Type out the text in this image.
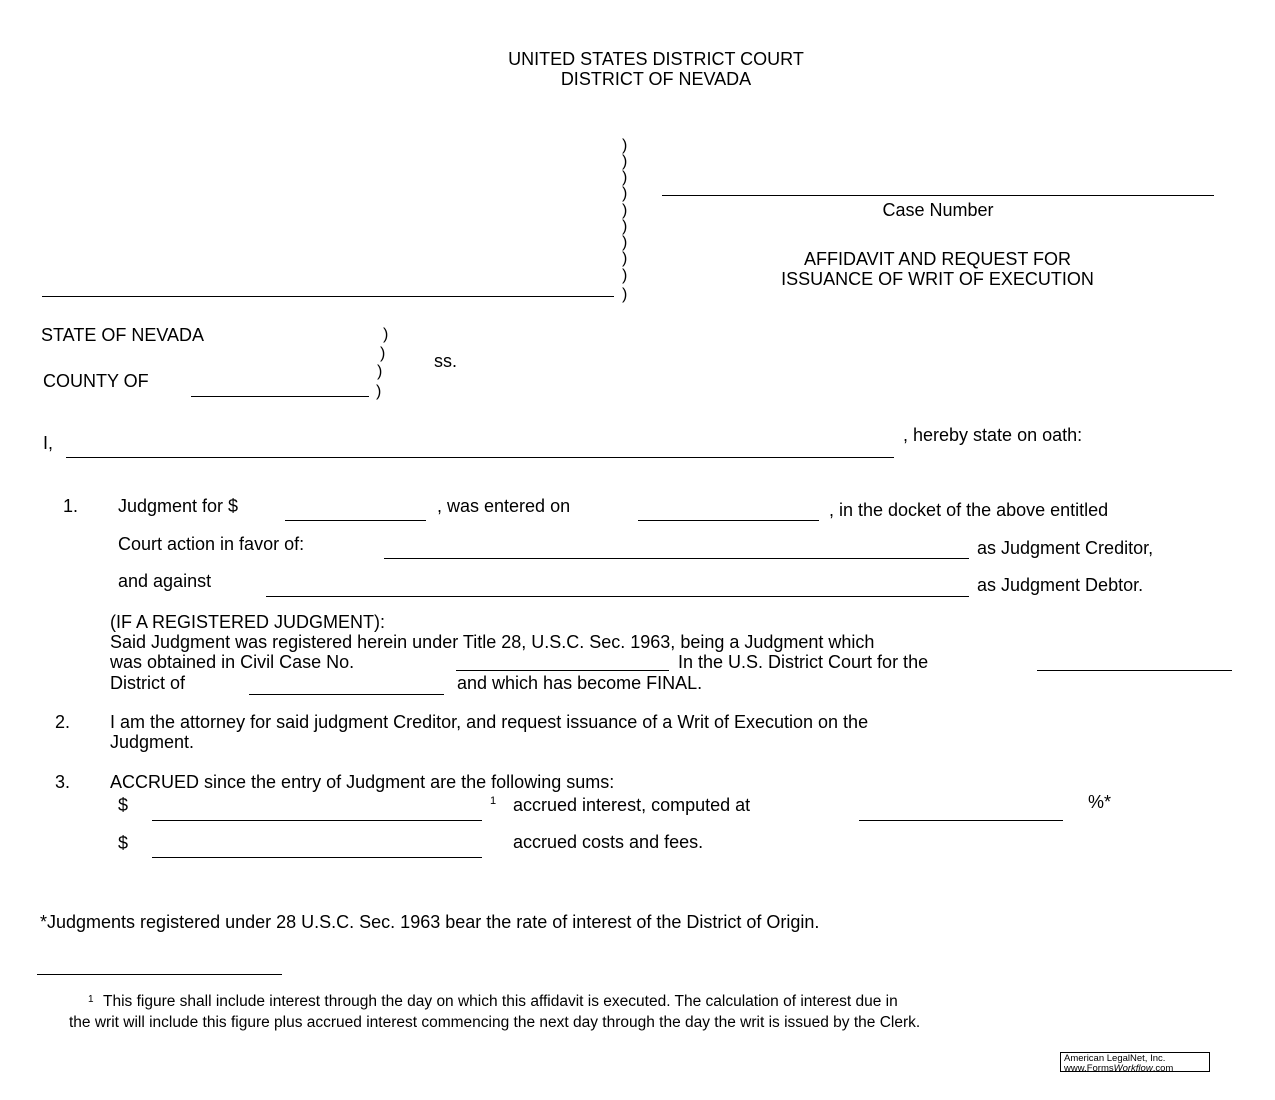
UNITED STATES DISTRICT COURT
DISTRICT OF NEVADA
)
)
)
)
)
)
)
)
)
)
Case Number
AFFIDAVIT AND REQUEST FOR
ISSUANCE OF WRIT OF EXECUTION
STATE OF NEVADA
COUNTY OF
)
)
)
)
ss.
I,	, hereby state on oath:
1. Judgment for $	, was entered on	, in the docket of the above entitled
Court action in favor of:	as Judgment Creditor,
and against	as Judgment Debtor.
(IF A REGISTERED JUDGMENT):
Said Judgment was registered herein under Title 28, U.S.C. Sec. 1963, being a Judgment which
was obtained in Civil Case No.	In the U.S. District Court for the
District of	and which has become FINAL.
2. I am the attorney for said judgment Creditor, and request issuance of a Writ of Execution on the
Judgment.
3. ACCRUED since the entry of Judgment are the following sums:
$	1 accrued interest, computed at	%*
$	accrued costs and fees.
*Judgments registered under 28 U.S.C. Sec. 1963 bear the rate of interest of the District of Origin.
1 This figure shall include interest through the day on which this affidavit is executed. The calculation of interest due in
the writ will include this figure plus accrued interest commencing the next day through the day the writ is issued by the Clerk.
American LegalNet, Inc.
www.FormsWorkflow.com
